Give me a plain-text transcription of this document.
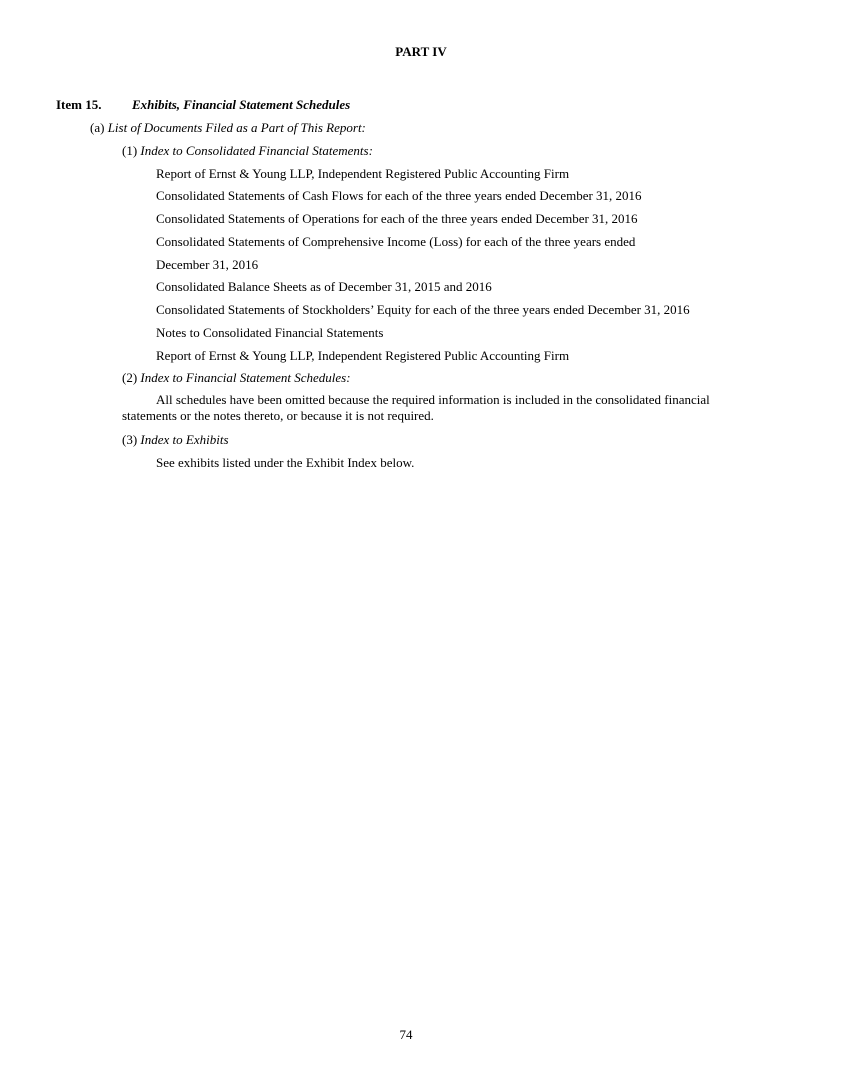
PART IV
Item 15. Exhibits, Financial Statement Schedules
(a) List of Documents Filed as a Part of This Report:
(1) Index to Consolidated Financial Statements:
Report of Ernst & Young LLP, Independent Registered Public Accounting Firm
Consolidated Statements of Cash Flows for each of the three years ended December 31, 2016
Consolidated Statements of Operations for each of the three years ended December 31, 2016
Consolidated Statements of Comprehensive Income (Loss) for each of the three years ended
December 31, 2016
Consolidated Balance Sheets as of December 31, 2015 and 2016
Consolidated Statements of Stockholders’ Equity for each of the three years ended December 31, 2016
Notes to Consolidated Financial Statements
Report of Ernst & Young LLP, Independent Registered Public Accounting Firm
(2) Index to Financial Statement Schedules:
All schedules have been omitted because the required information is included in the consolidated financial statements or the notes thereto, or because it is not required.
(3) Index to Exhibits
See exhibits listed under the Exhibit Index below.
74
